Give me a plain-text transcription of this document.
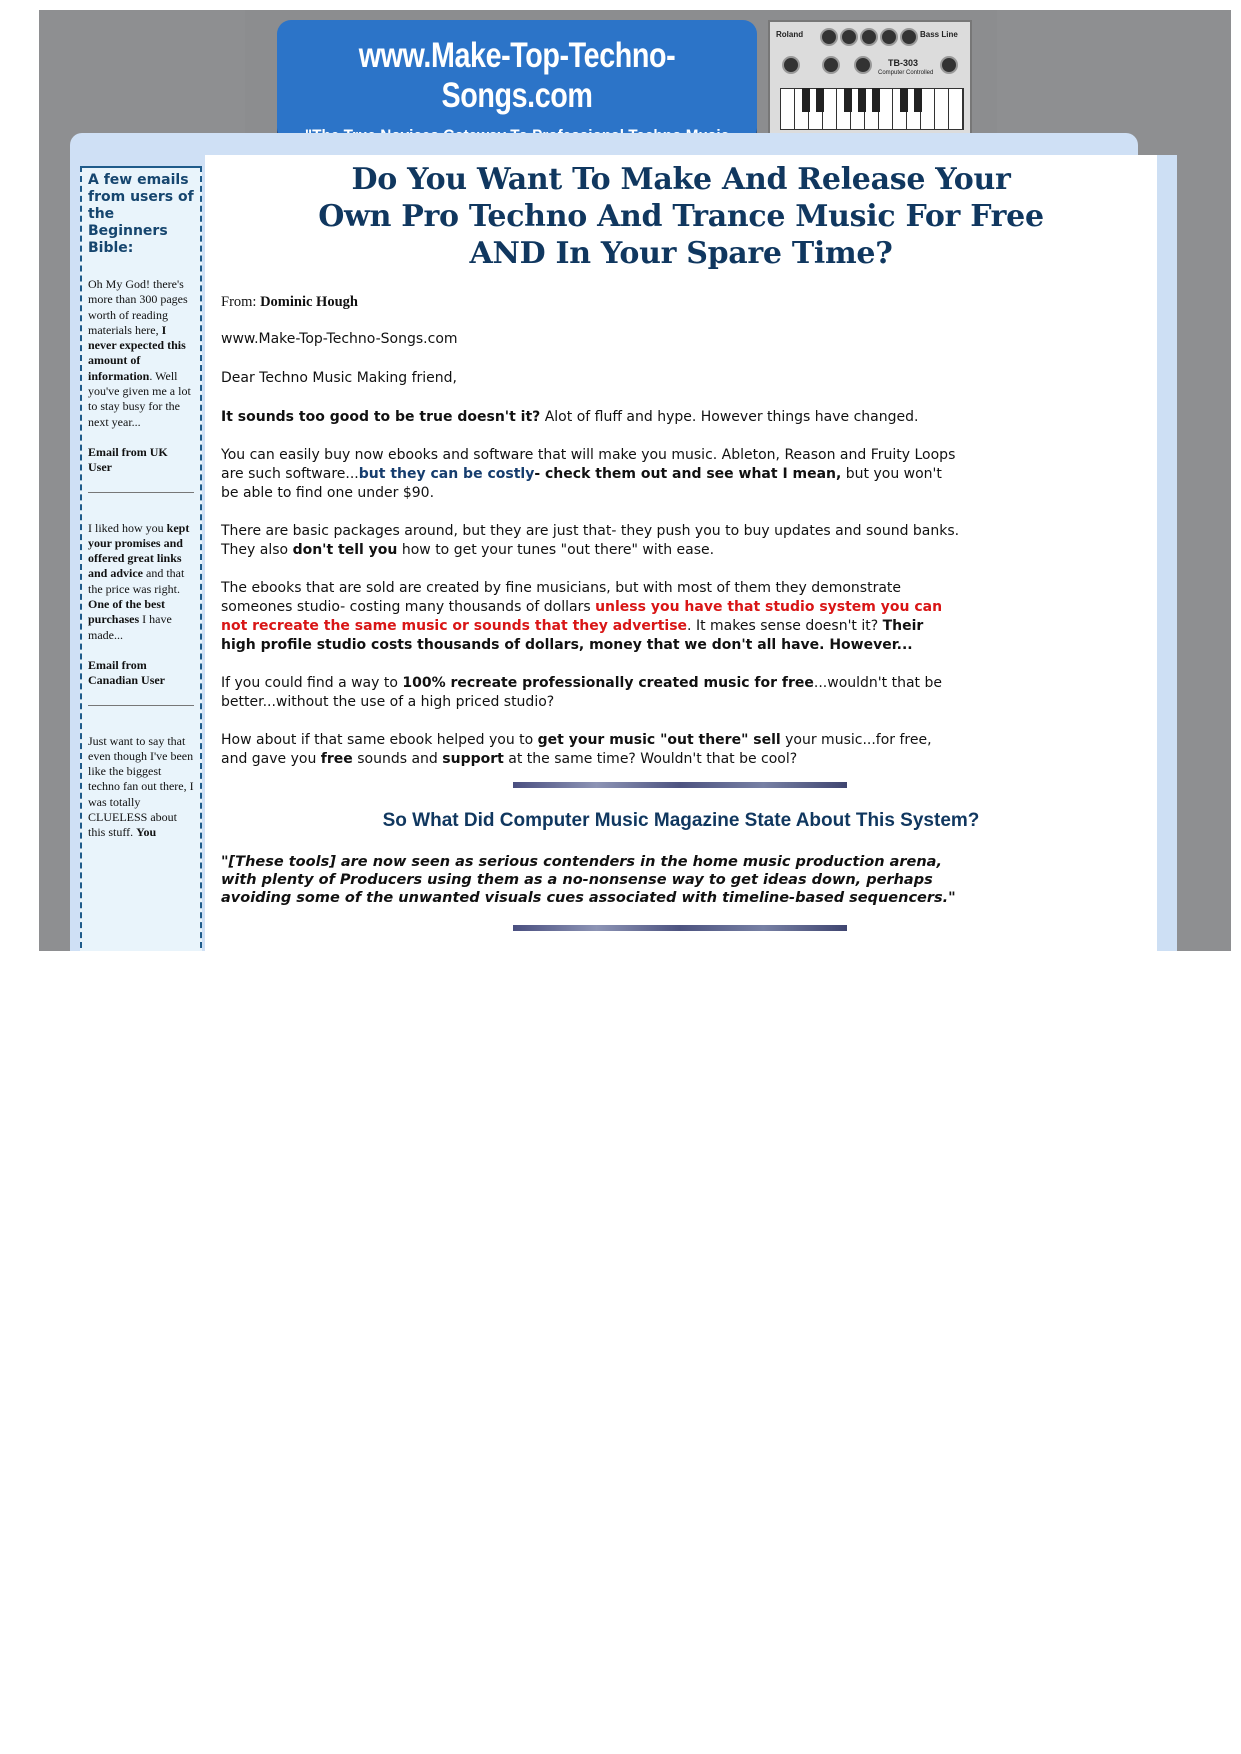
www.Make-Top-Techno-Songs.com
Roland	Bass Line
TB-303
Computer Controlled
A few emails from users of the Beginners Bible:
Oh My God! there's more than 300 pages worth of reading materials here, I never expected this amount of information. Well you've given me a lot to stay busy for the next year...
Email from UK User
I liked how you kept your promises and offered great links and advice and that the price was right. One of the best purchases I have made...
Email from Canadian User
Just want to say that even though I've been like the biggest techno fan out there, I was totally CLUELESS about this stuff. You
Do You Want To Make And Release Your
Own Pro Techno And Trance Music For Free
AND In Your Spare Time?

From: Dominic Hough

www.Make-Top-Techno-Songs.com

Dear Techno Music Making friend,

It sounds too good to be true doesn't it? Alot of fluff and hype. However things have changed.

You can easily buy now ebooks and software that will make you music. Ableton, Reason and Fruity Loops are such software...but they can be costly- check them out and see what I mean, but you won't be able to find one under $90.

There are basic packages around, but they are just that- they push you to buy updates and sound banks. They also don't tell you how to get your tunes "out there" with ease.

The ebooks that are sold are created by fine musicians, but with most of them they demonstrate someones studio- costing many thousands of dollars unless you have that studio system you can not recreate the same music or sounds that they advertise. It makes sense doesn't it? Their high profile studio costs thousands of dollars, money that we don't all have. However...

If you could find a way to 100% recreate professionally created music for free...wouldn't that be better...without the use of a high priced studio?

How about if that same ebook helped you to get your music "out there" sell your music...for free, and gave you free sounds and support at the same time? Wouldn't that be cool?

So What Did Computer Music Magazine State About This System?
"[These tools] are now seen as serious contenders in the home music production arena, with plenty of Producers using them as a no-nonsense way to get ideas down, perhaps avoiding some of the unwanted visuals cues associated with timeline-based sequencers."
